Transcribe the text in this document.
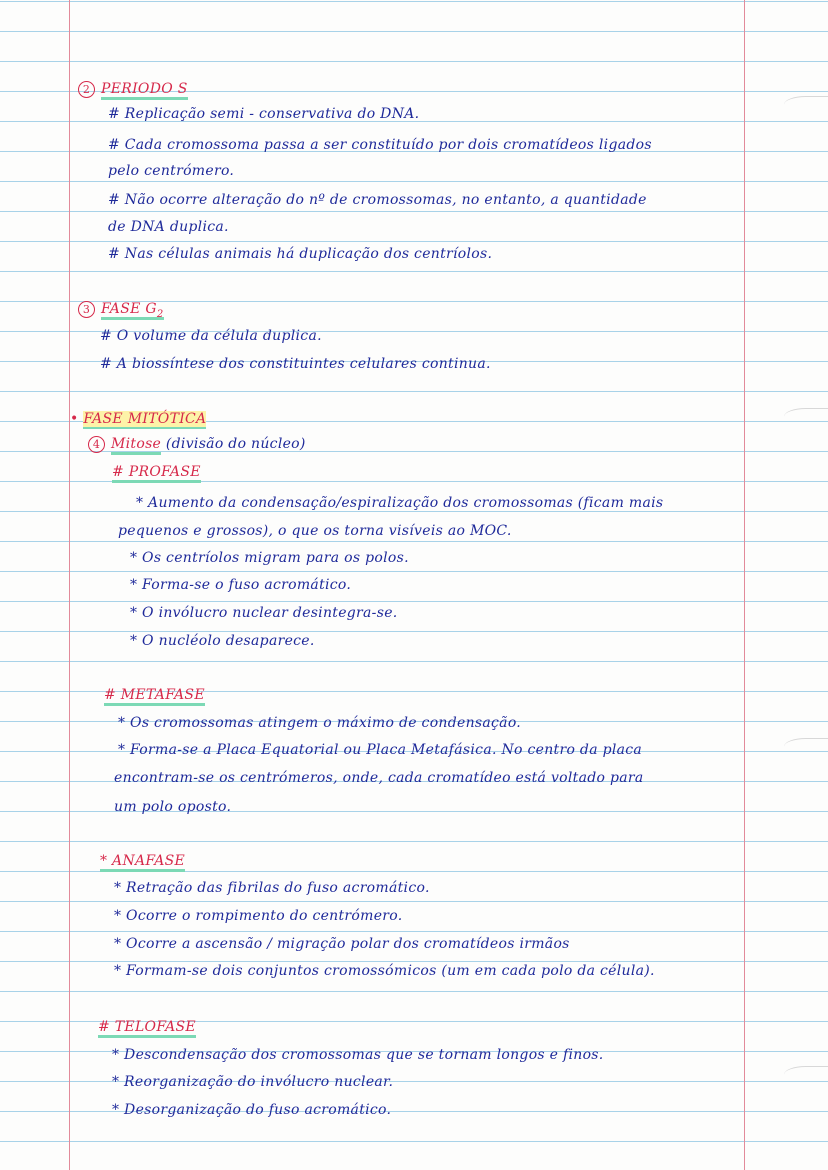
2 PERIODO S
# Replicação semi - conservativa do DNA.
# Cada cromossoma passa a ser constituído por dois cromatídeos ligados
pelo centrómero.
# Não ocorre alteração do nº de cromossomas, no entanto, a quantidade
de DNA duplica.
# Nas células animais há duplicação dos centríolos.
3 FASE $G_2$
# O volume da célula duplica.
# A biossíntese dos constituintes celulares continua.
• FASE MITÓTICA
4 Mitose (divisão do núcleo)
# PROFASE
* Aumento da condensação/espiralização dos cromossomas (ficam mais
pequenos e grossos), o que os torna visíveis ao MOC.
* Os centríolos migram para os polos.
* Forma-se o fuso acromático.
* O invólucro nuclear desintegra-se.
* O nucléolo desaparece.
# METAFASE
* Os cromossomas atingem o máximo de condensação.
* Forma-se a Placa Equatorial ou Placa Metafásica. No centro da placa
encontram-se os centrómeros, onde, cada cromatídeo está voltado para
um polo oposto.
* ANAFASE
* Retração das fibrilas do fuso acromático.
* Ocorre o rompimento do centrómero.
* Ocorre a ascensão / migração polar dos cromatídeos irmãos
* Formam-se dois conjuntos cromossómicos (um em cada polo da célula).
# TELOFASE
* Descondensação dos cromossomas que se tornam longos e finos.
* Reorganização do invólucro nuclear.
* Desorganização do fuso acromático.
